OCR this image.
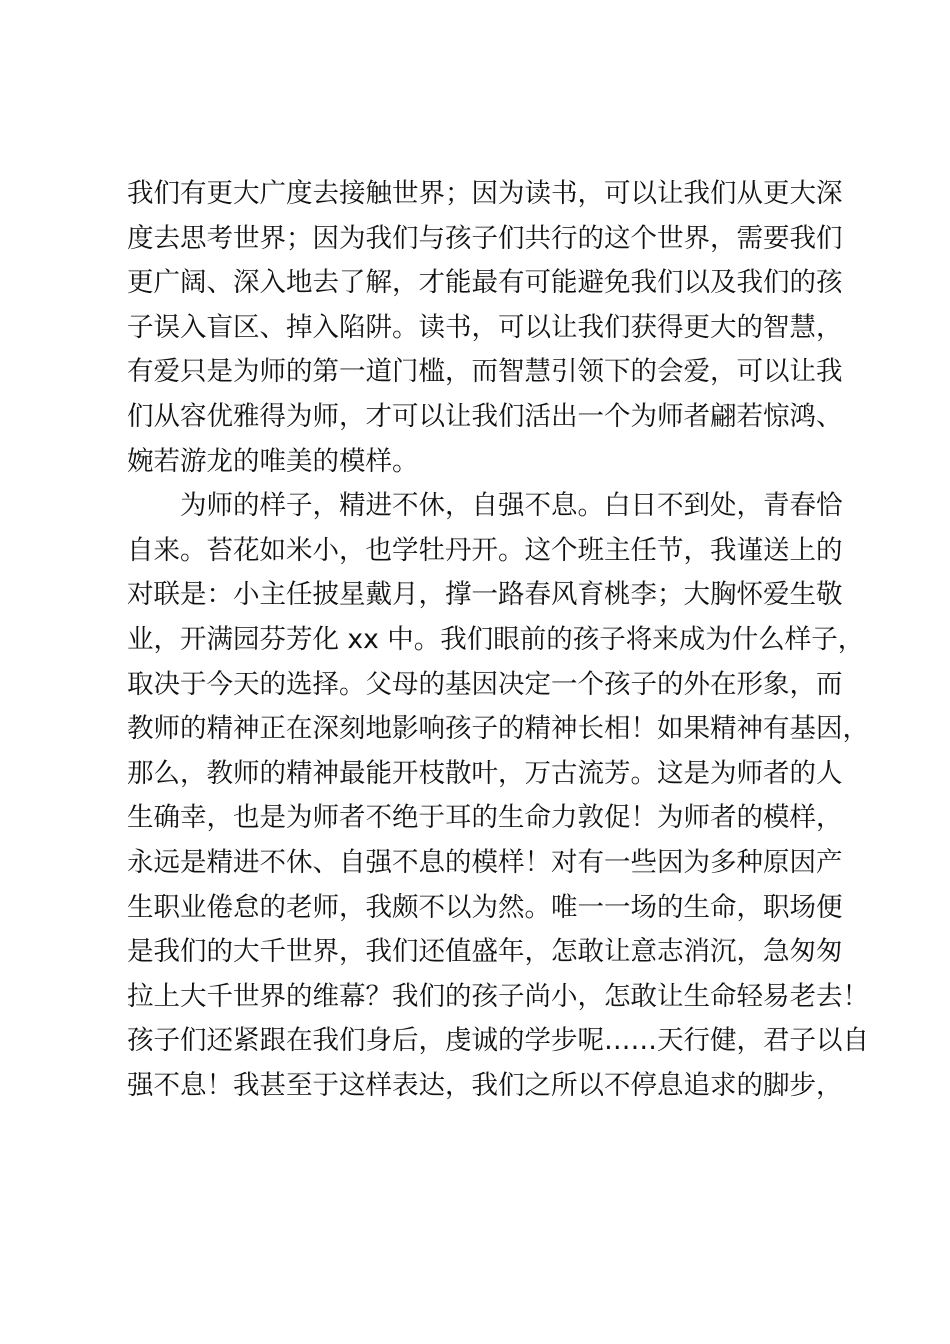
我们有更大广度去接触世界；因为读书，可以让我们从更大深
度去思考世界；因为我们与孩子们共行的这个世界，需要我们
更广阔、深入地去了解，才能最有可能避免我们以及我们的孩
子误入盲区、掉入陷阱。读书，可以让我们获得更大的智慧，
有爱只是为师的第一道门槛，而智慧引领下的会爱，可以让我
们从容优雅得为师，才可以让我们活出一个为师者翩若惊鸿、
婉若游龙的唯美的模样。
为师的样子，精进不休，自强不息。白日不到处，青春恰
自来。苔花如米小，也学牡丹开。这个班主任节，我谨送上的
对联是：小主任披星戴月，撑一路春风育桃李；大胸怀爱生敬
业，开满园芬芳化 xx 中。我们眼前的孩子将来成为什么样子，
取决于今天的选择。父母的基因决定一个孩子的外在形象，而
教师的精神正在深刻地影响孩子的精神长相！如果精神有基因，
那么，教师的精神最能开枝散叶，万古流芳。这是为师者的人
生确幸，也是为师者不绝于耳的生命力敦促！为师者的模样，
永远是精进不休、自强不息的模样！对有一些因为多种原因产
生职业倦怠的老师，我颇不以为然。唯一一场的生命，职场便
是我们的大千世界，我们还值盛年，怎敢让意志消沉，急匆匆
拉上大千世界的维幕？我们的孩子尚小，怎敢让生命轻易老去！
孩子们还紧跟在我们身后，虔诚的学步呢……天行健，君子以自
强不息！我甚至于这样表达，我们之所以不停息追求的脚步，
